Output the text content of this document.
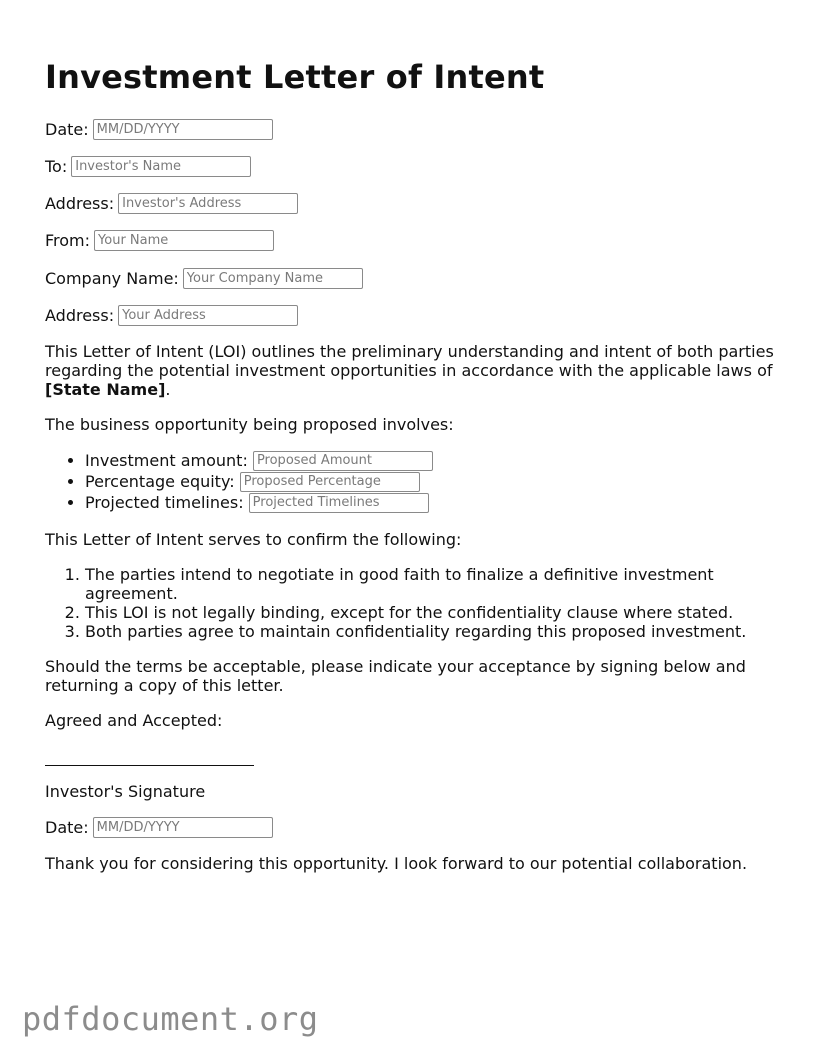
Investment Letter of Intent
Date:
MM/DD/YYYY
To:
Investor's Name
Address:
Investor's Address
From:
Your Name
Company Name:
Your Company Name
Address:
Your Address

This Letter of Intent (LOI) outlines the preliminary understanding and intent of both parties regarding the potential investment opportunities in accordance with the applicable laws of [State Name].

The business opportunity being proposed involves:

• Investment amount:

Proposed Amount
• Percentage equity:

Proposed Percentage
• Projected timelines:

Projected Timelines

This Letter of Intent serves to confirm the following:

1. The parties intend to negotiate in good faith to finalize a definitive investment agreement.
2. This LOI is not legally binding, except for the confidentiality clause where stated.
3. Both parties agree to maintain confidentiality regarding this proposed investment.

Should the terms be acceptable, please indicate your acceptance by signing below and returning a copy of this letter.

Agreed and Accepted:

Investor's Signature

Date:
MM/DD/YYYY

Thank you for considering this opportunity. I look forward to our potential collaboration.

pdfdocument.org
